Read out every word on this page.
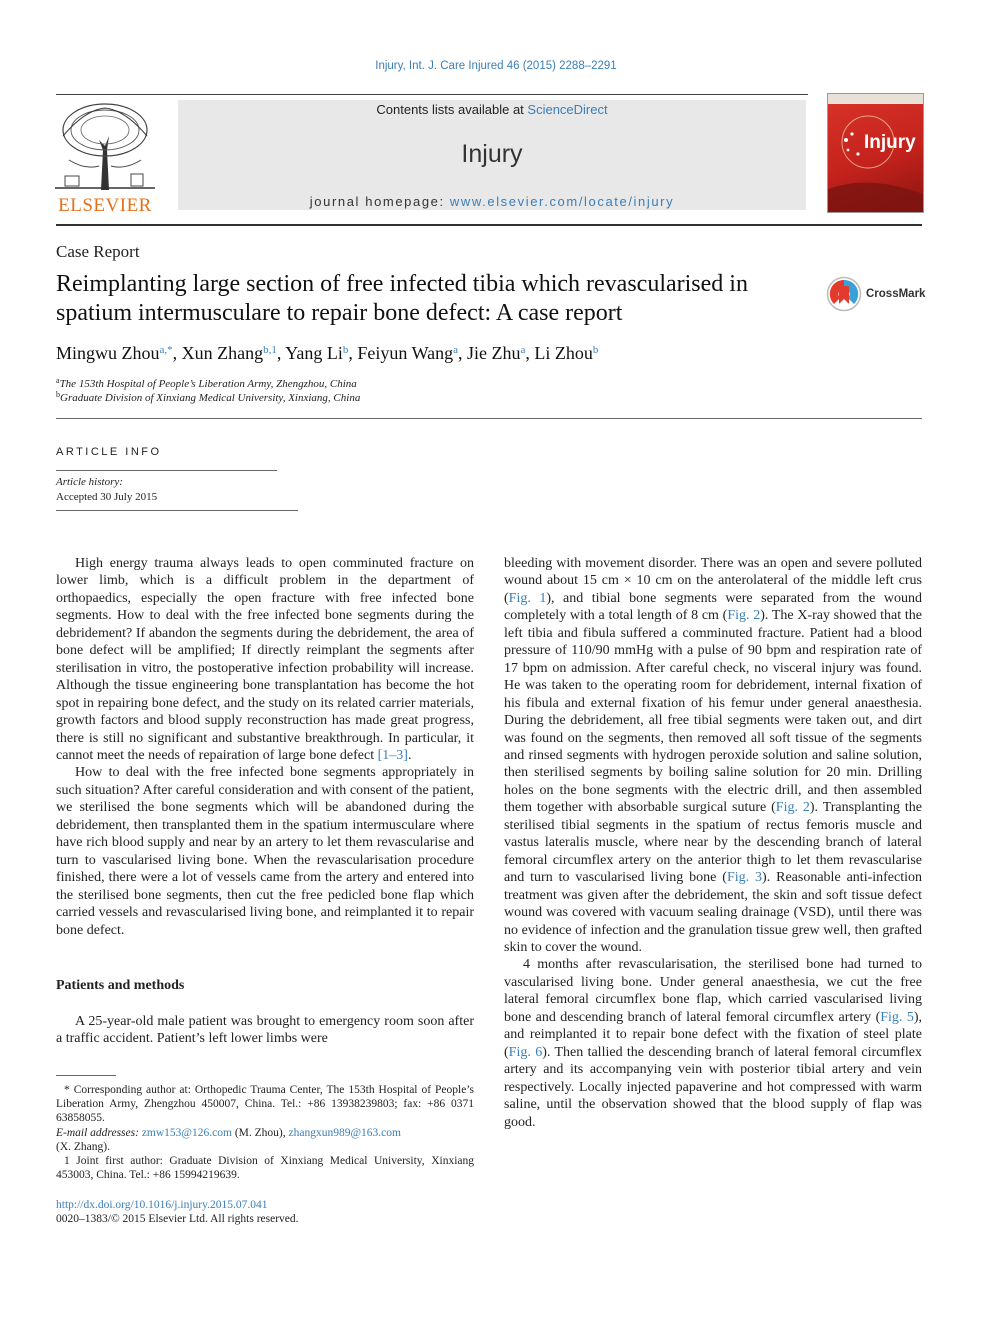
Injury, Int. J. Care Injured 46 (2015) 2288–2291
ELSEVIER
Contents lists available at ScienceDirect
Injury
journal homepage: www.elsevier.com/locate/injury
Injury
Case Report
Reimplanting large section of free infected tibia which revascularised in spatium intermusculare to repair bone defect: A case report
CrossMark
Mingwu Zhou$^{a,*}$, Xun Zhang$^{b,1}$, Yang Li$^b$, Feiyun Wang$^a$, Jie Zhu$^a$, Li Zhou$^b$
$^a$The 153th Hospital of People’s Liberation Army, Zhengzhou, China
$^b$Graduate Division of Xinxiang Medical University, Xinxiang, China
ARTICLE INFO
Article history:
Accepted 30 July 2015

High energy trauma always leads to open comminuted fracture on lower limb, which is a difficult problem in the department of orthopaedics, especially the open fracture with free infected bone segments. How to deal with the free infected bone segments during the debridement? If abandon the segments during the debridement, the area of bone defect will be amplified; If directly reimplant the segments after sterilisation in vitro, the postoperative infection probability will increase. Although the tissue engineering bone transplantation has become the hot spot in repairing bone defect, and the study on its related carrier materials, growth factors and blood supply reconstruction has made great progress, there is still no significant and substantive breakthrough. In particular, it cannot meet the needs of repairation of large bone defect [1–3].

How to deal with the free infected bone segments appropriately in such situation? After careful consideration and with consent of the patient, we sterilised the bone segments which will be abandoned during the debridement, then transplanted them in the spatium intermusculare where have rich blood supply and near by an artery to let them revascularise and turn to vascularised living bone. When the revascularisation procedure finished, there were a lot of vessels came from the artery and entered into the sterilised bone segments, then cut the free pedicled bone flap which carried vessels and revascularised living bone, and reimplanted it to repair bone defect.

Patients and methods

A 25-year-old male patient was brought to emergency room soon after a traffic accident. Patient’s left lower limbs were

* Corresponding author at: Orthopedic Trauma Center, The 153th Hospital of People’s Liberation Army, Zhengzhou 450007, China. Tel.: +86 13938239803; fax: +86 0371 63858055.

E-mail addresses: zmw153@126.com (M. Zhou), zhangxun989@163.com
(X. Zhang).

1 Joint first author: Graduate Division of Xinxiang Medical University, Xinxiang 453003, China. Tel.: +86 15994219639.

http://dx.doi.org/10.1016/j.injury.2015.07.041
0020–1383/© 2015 Elsevier Ltd. All rights reserved.

bleeding with movement disorder. There was an open and severe polluted wound about 15 cm × 10 cm on the anterolateral of the middle left crus (Fig. 1), and tibial bone segments were separated from the wound completely with a total length of 8 cm (Fig. 2). The X-ray showed that the left tibia and fibula suffered a comminuted fracture. Patient had a blood pressure of 110/90 mmHg with a pulse of 90 bpm and respiration rate of 17 bpm on admission. After careful check, no visceral injury was found. He was taken to the operating room for debridement, internal fixation of his fibula and external fixation of his femur under general anaesthesia. During the debridement, all free tibial segments were taken out, and dirt was found on the segments, then removed all soft tissue of the segments and rinsed segments with hydrogen peroxide solution and saline solution, then sterilised segments by boiling saline solution for 20 min. Drilling holes on the bone segments with the electric drill, and then assembled them together with absorbable surgical suture (Fig. 2). Transplanting the sterilised tibial segments in the spatium of rectus femoris muscle and vastus lateralis muscle, where near by the descending branch of lateral femoral circumflex artery on the anterior thigh to let them revascularise and turn to vascularised living bone (Fig. 3). Reasonable anti-infection treatment was given after the debridement, the skin and soft tissue defect wound was covered with vacuum sealing drainage (VSD), until there was no evidence of infection and the granulation tissue grew well, then grafted skin to cover the wound.

4 months after revascularisation, the sterilised bone had turned to vascularised living bone. Under general anaesthesia, we cut the free lateral femoral circumflex bone flap, which carried vascularised living bone and descending branch of lateral femoral circumflex artery (Fig. 5), and reimplanted it to repair bone defect with the fixation of steel plate (Fig. 6). Then tallied the descending branch of lateral femoral circumflex artery and its accompanying vein with posterior tibial artery and vein respectively. Locally injected papaverine and hot compressed with warm saline, until the observation showed that the blood supply of flap was good.
